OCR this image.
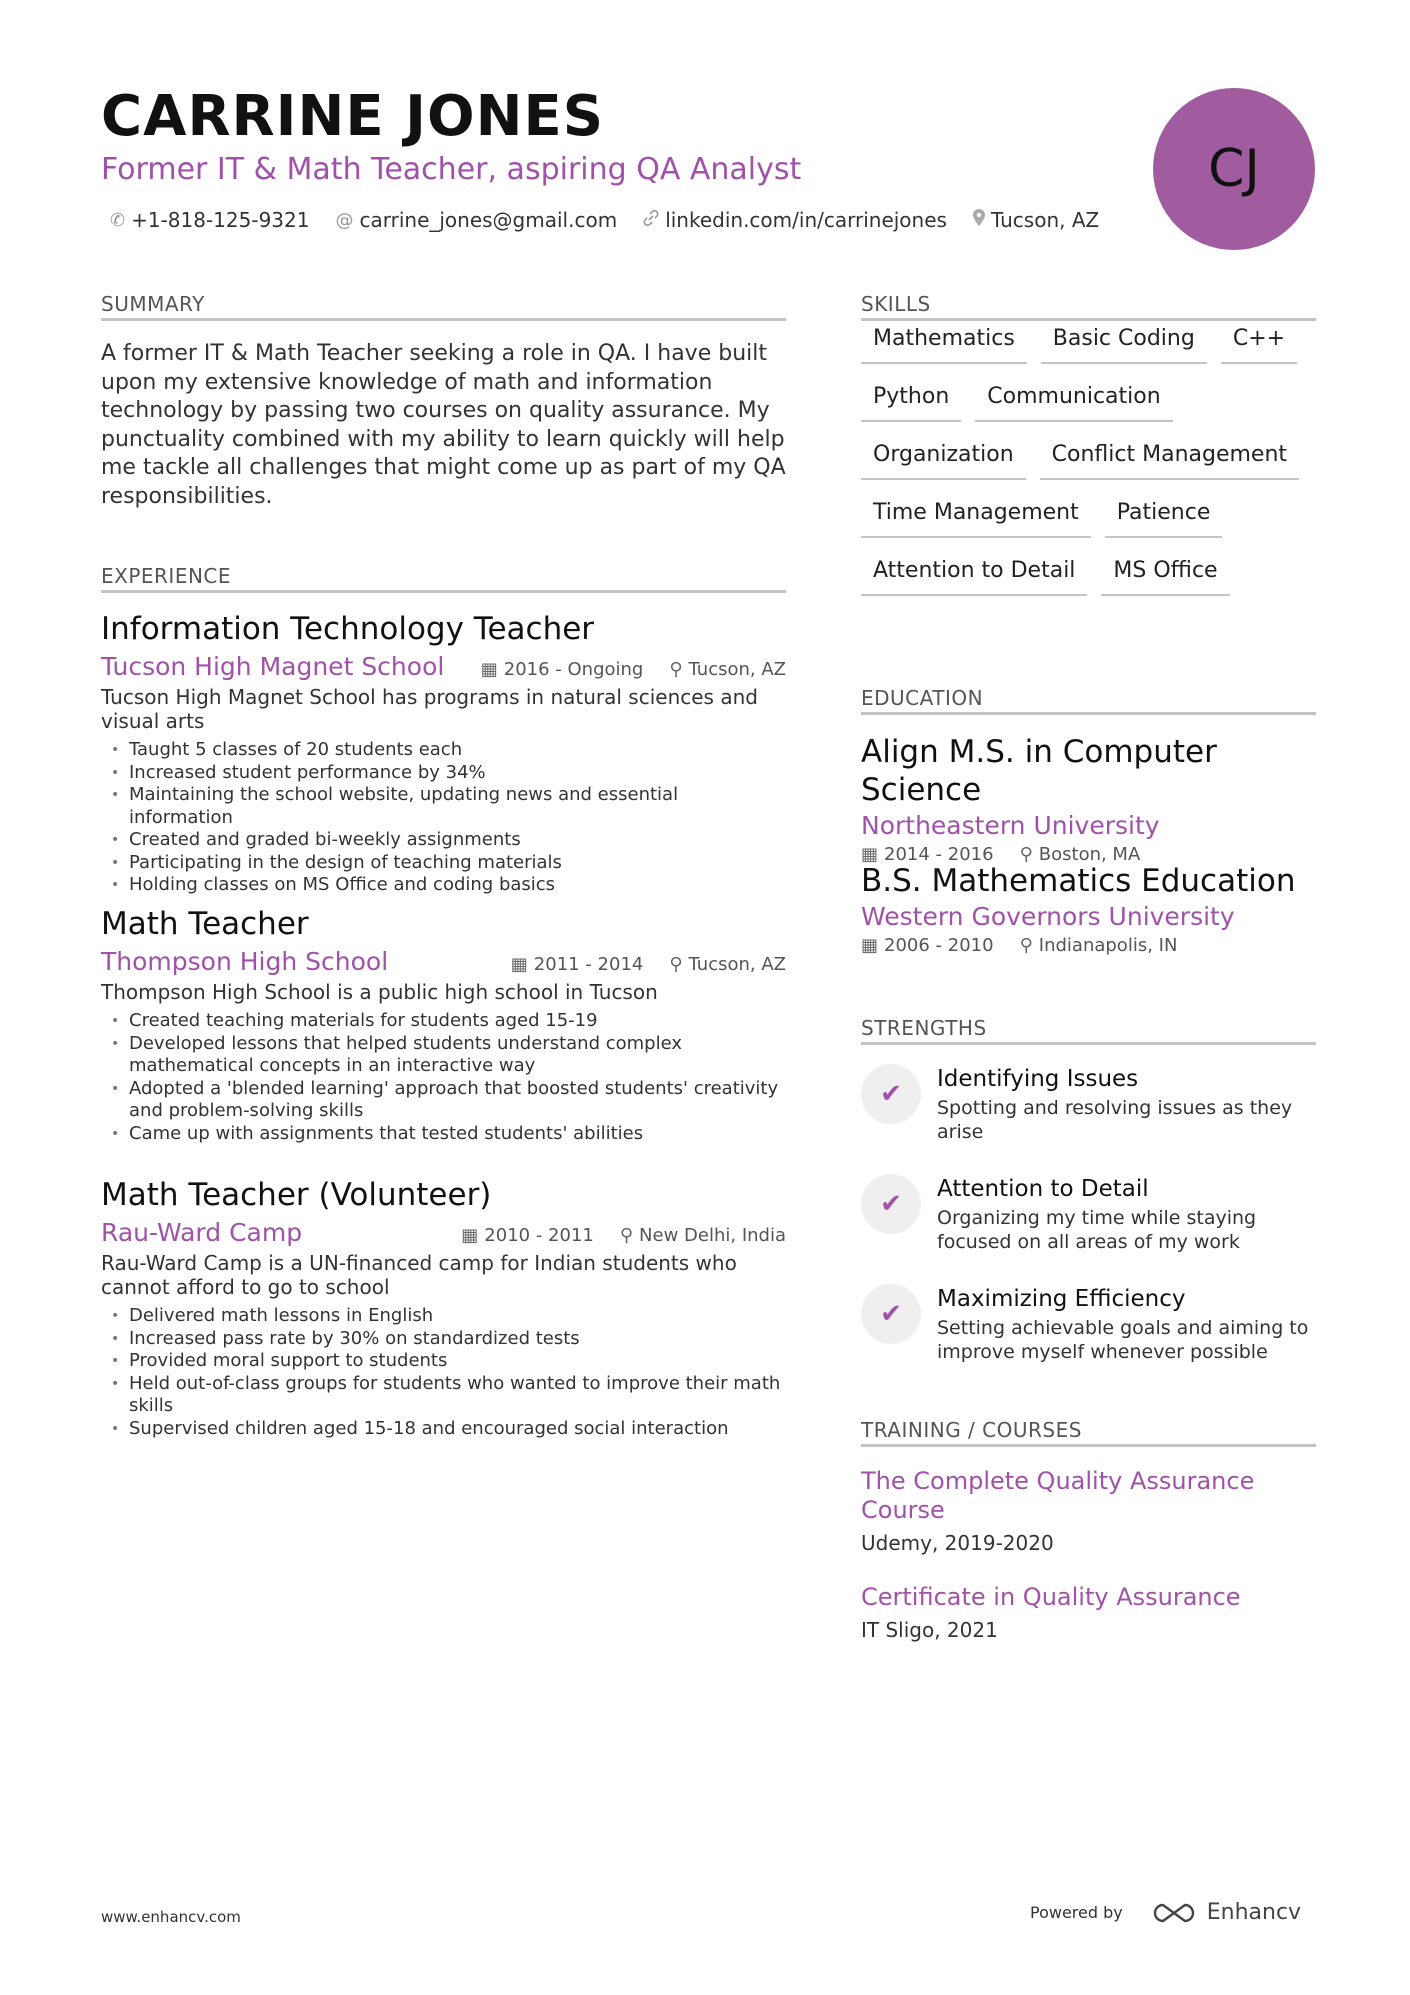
CARRINE JONES
Former IT & Math Teacher, aspiring QA Analyst
✆ +1-818-125-9321 @ carrine_jones@gmail.com linkedin.com/in/carrinejones Tucson, AZ
CJ
SUMMARY
A former IT & Math Teacher seeking a role in QA. I have built upon my extensive knowledge of math and information technology by passing two courses on quality assurance. My punctuality combined with my ability to learn quickly will help me tackle all challenges that might come up as part of my QA responsibilities.
EXPERIENCE
Information Technology Teacher
Tucson High Magnet School ▦ 2016 - Ongoing ⚲ Tucson, AZ
Tucson High Magnet School has programs in natural sciences and visual arts
• Taught 5 classes of 20 students each
• Increased student performance by 34%
• Maintaining the school website, updating news and essential information
• Created and graded bi-weekly assignments
• Participating in the design of teaching materials
• Holding classes on MS Office and coding basics
Math Teacher
Thompson High School	▦ 2011 - 2014 ⚲ Tucson, AZ
Thompson High School is a public high school in Tucson
• Created teaching materials for students aged 15-19
• Developed lessons that helped students understand complex mathematical concepts in an interactive way
• Adopted a 'blended learning' approach that boosted students' creativity and problem-solving skills
• Came up with assignments that tested students' abilities
Math Teacher (Volunteer)
Rau-Ward Camp	▦ 2010 - 2011 ⚲ New Delhi, India
Rau-Ward Camp is a UN-financed camp for Indian students who cannot afford to go to school
• Delivered math lessons in English
• Increased pass rate by 30% on standardized tests
• Provided moral support to students
• Held out-of-class groups for students who wanted to improve their math skills
• Supervised children aged 15-18 and encouraged social interaction
SKILLS
Mathematics	Basic Coding	C++
Python	Communication
Organization	Conflict Management
Time Management	Patience
Attention to Detail	MS Office
EDUCATION
Align M.S. in Computer Science
Northeastern University
▦ 2014 - 2016 ⚲ Boston, MA
B.S. Mathematics Education
Western Governors University
▦ 2006 - 2010 ⚲ Indianapolis, IN
STRENGTHS
✔	Identifying Issues
Spotting and resolving issues as they arise
✔	Attention to Detail
Organizing my time while staying focused on all areas of my work
✔	Maximizing Efficiency
Setting achievable goals and aiming to improve myself whenever possible
TRAINING / COURSES
The Complete Quality Assurance Course
Udemy, 2019-2020
Certificate in Quality Assurance
IT Sligo, 2021
www.enhancv.com	Powered by	Enhancv
